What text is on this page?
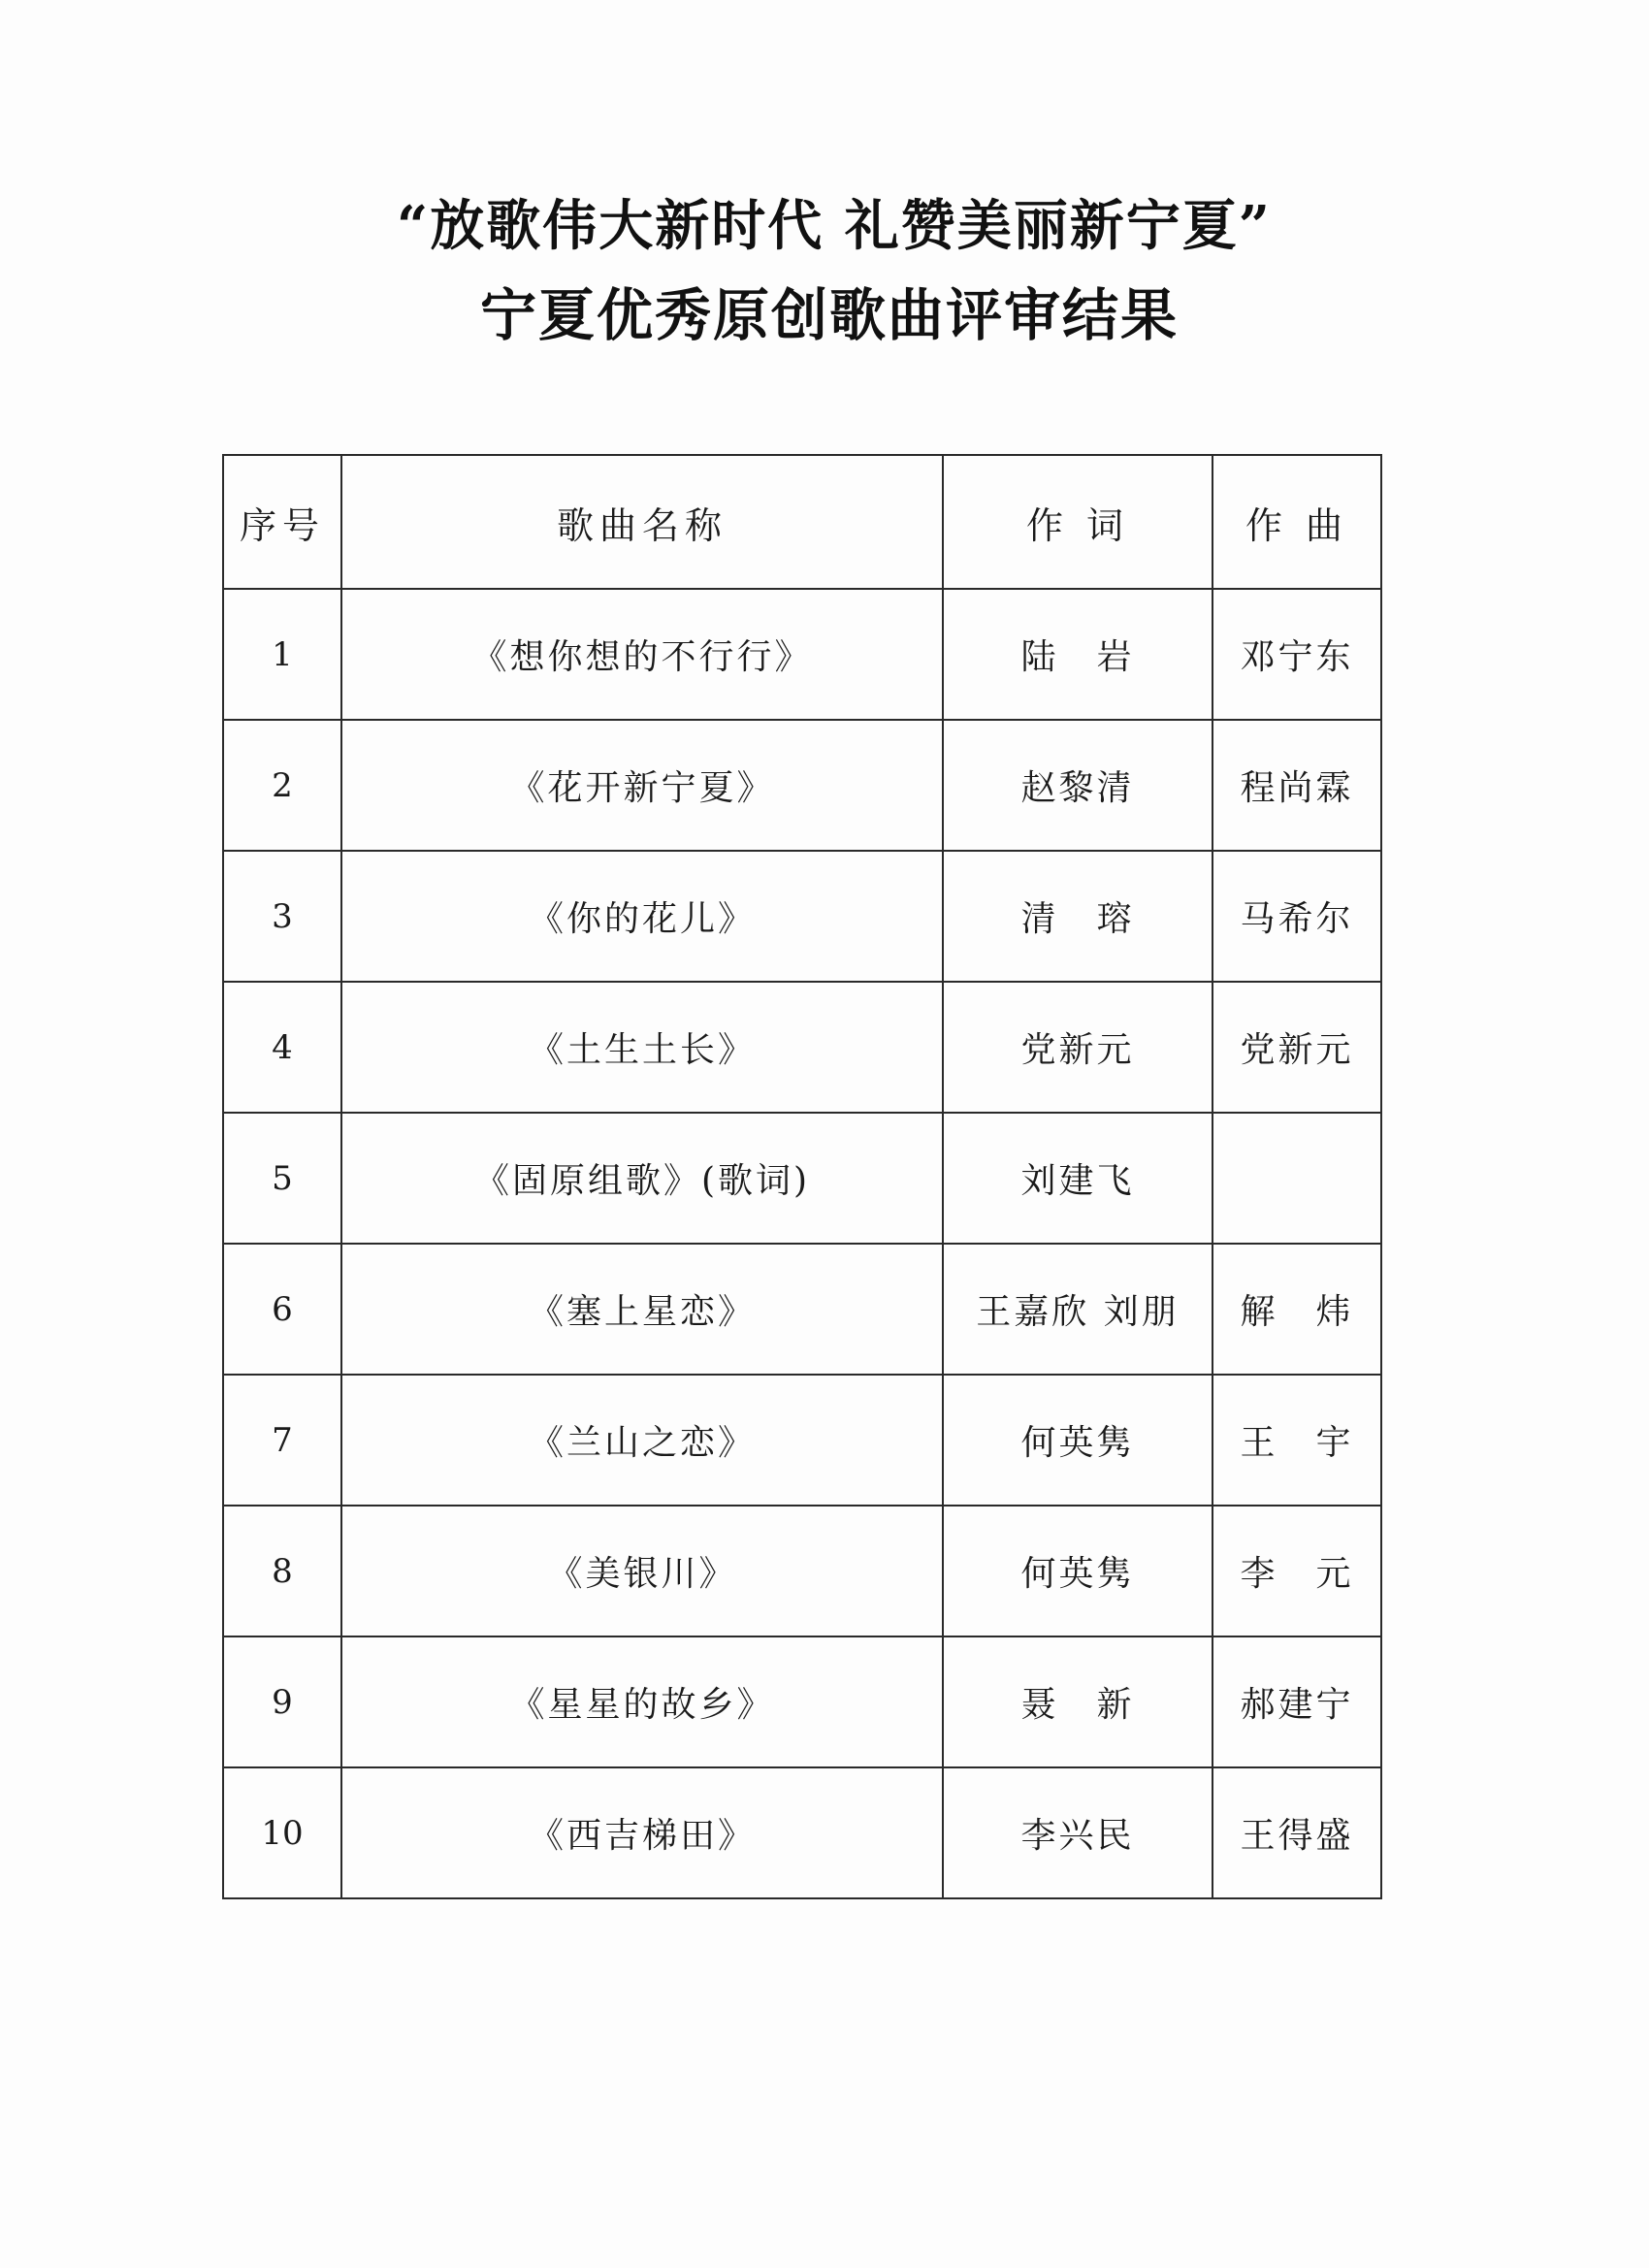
“放歌伟大新时代 礼赞美丽新宁夏”
宁夏优秀原创歌曲评审结果
序号	歌曲名称	作 词	作 曲
1	《想你想的不行行》	陆　岩	邓宁东
2	《花开新宁夏》	赵黎清	程尚霖
3	《你的花儿》	清　瑢	马希尔
4	《土生土长》	党新元	党新元
5	《固原组歌》(歌词)	刘建飞	
6	《塞上星恋》	王嘉欣 刘朋	解　炜
7	《兰山之恋》	何英隽	王　宇
8	《美银川》	何英隽	李　元
9	《星星的故乡》	聂　新	郝建宁
10	《西吉梯田》	李兴民	王得盛
